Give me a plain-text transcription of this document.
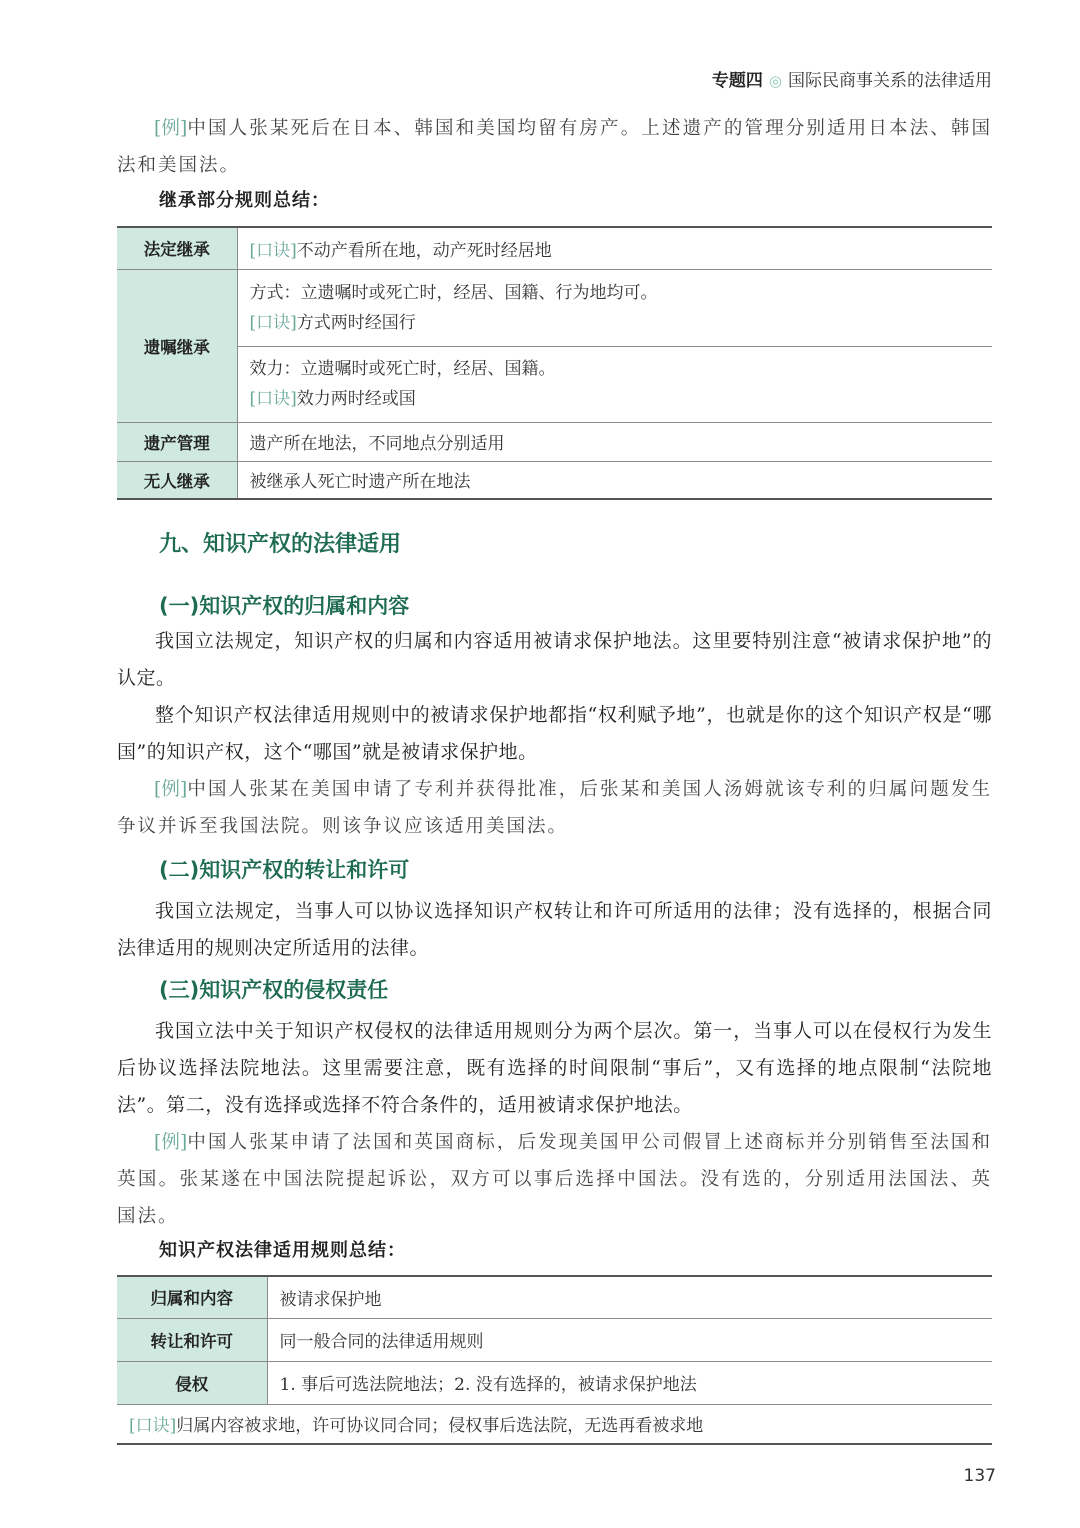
专题四 ◎ 国际民商事关系的法律适用

[例]中国人张某死后在日本、韩国和美国均留有房产。上述遗产的管理分别适用日本法、韩国法和美国法。

继承部分规则总结：

法定继承	[口诀]不动产看所在地，动产死时经居地
遗嘱继承	方式：立遗嘱时或死亡时，经居、国籍、行为地均可。
[口诀]方式两时经国行

	效力：立遗嘱时或死亡时，经居、国籍。
[口诀]效力两时经或国

遗产管理	遗产所在地法，不同地点分别适用
无人继承	被继承人死亡时遗产所在地法
九、知识产权的法律适用
(一)知识产权的归属和内容

我国立法规定，知识产权的归属和内容适用被请求保护地法。这里要特别注意“被请求保护地”的认定。

整个知识产权法律适用规则中的被请求保护地都指“权利赋予地”，也就是你的这个知识产权是“哪国”的知识产权，这个“哪国”就是被请求保护地。

[例]中国人张某在美国申请了专利并获得批准，后张某和美国人汤姆就该专利的归属问题发生争议并诉至我国法院。则该争议应该适用美国法。

(二)知识产权的转让和许可

我国立法规定，当事人可以协议选择知识产权转让和许可所适用的法律；没有选择的，根据合同法律适用的规则决定所适用的法律。

(三)知识产权的侵权责任

我国立法中关于知识产权侵权的法律适用规则分为两个层次。第一，当事人可以在侵权行为发生后协议选择法院地法。这里需要注意，既有选择的时间限制“事后”，又有选择的地点限制“法院地法”。第二，没有选择或选择不符合条件的，适用被请求保护地法。

[例]中国人张某申请了法国和英国商标，后发现美国甲公司假冒上述商标并分别销售至法国和英国。张某遂在中国法院提起诉讼，双方可以事后选择中国法。没有选的，分别适用法国法、英国法。

知识产权法律适用规则总结：

归属和内容	被请求保护地
转让和许可	同一般合同的法律适用规则
侵权	1. 事后可选法院地法；2. 没有选择的，被请求保护地法
[口诀]归属内容被求地，许可协议同合同；侵权事后选法院，无选再看被求地	
137
